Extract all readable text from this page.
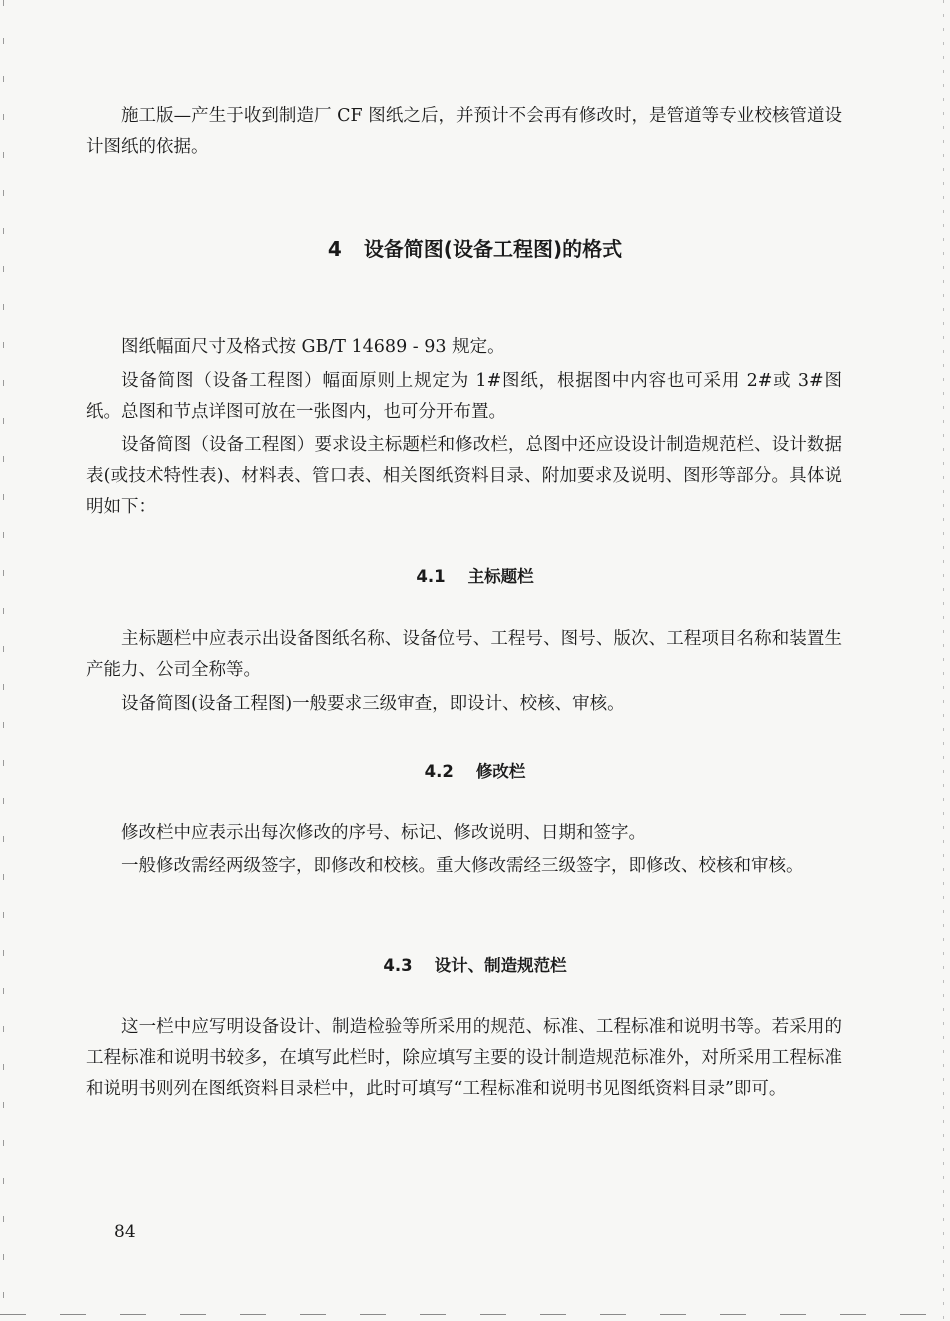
施工版—产生于收到制造厂 CF 图纸之后，并预计不会再有修改时，是管道等专业校核管道设计图纸的依据。

4 设备简图(设备工程图)的格式

图纸幅面尺寸及格式按 GB/T 14689 - 93 规定。

设备简图（设备工程图）幅面原则上规定为 1#图纸，根据图中内容也可采用 2#或 3#图纸。总图和节点详图可放在一张图内，也可分开布置。

设备简图（设备工程图）要求设主标题栏和修改栏，总图中还应设设计制造规范栏、设计数据表(或技术特性表)、材料表、管口表、相关图纸资料目录、附加要求及说明、图形等部分。具体说明如下：

4.1 主标题栏

主标题栏中应表示出设备图纸名称、设备位号、工程号、图号、版次、工程项目名称和装置生产能力、公司全称等。

设备简图(设备工程图)一般要求三级审查，即设计、校核、审核。

4.2 修改栏

修改栏中应表示出每次修改的序号、标记、修改说明、日期和签字。

一般修改需经两级签字，即修改和校核。重大修改需经三级签字，即修改、校核和审核。

4.3 设计、制造规范栏

这一栏中应写明设备设计、制造检验等所采用的规范、标准、工程标准和说明书等。若采用的工程标准和说明书较多，在填写此栏时，除应填写主要的设计制造规范标准外，对所采用工程标准和说明书则列在图纸资料目录栏中，此时可填写“工程标准和说明书见图纸资料目录”即可。

84
